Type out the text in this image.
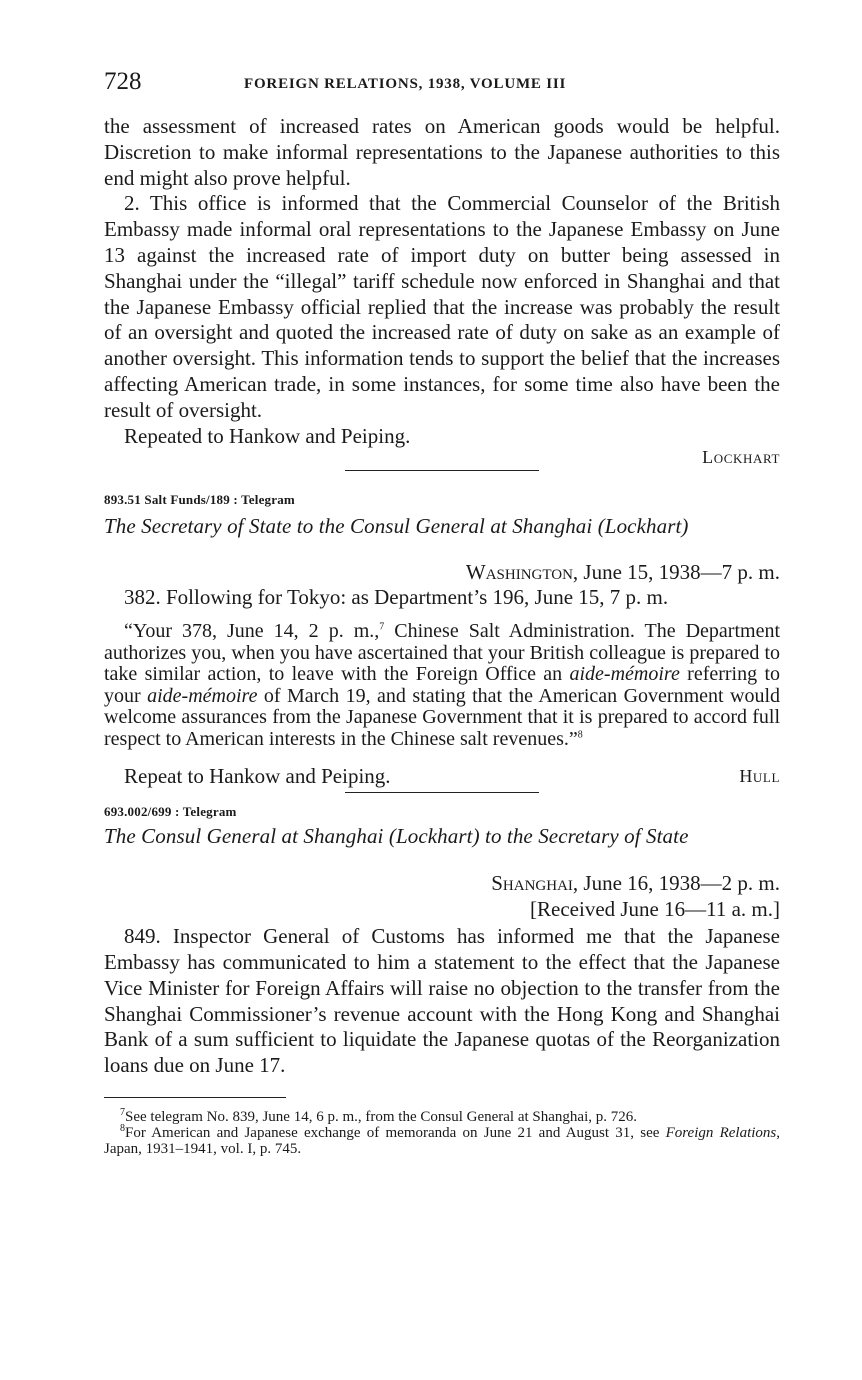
728	FOREIGN RELATIONS, 1938, VOLUME III

the assessment of increased rates on American goods would be helpful. Discretion to make informal representations to the Japanese authorities to this end might also prove helpful.

2. This office is informed that the Commercial Counselor of the British Embassy made informal oral representations to the Japanese Embassy on June 13 against the increased rate of import duty on butter being assessed in Shanghai under the “illegal” tariff schedule now enforced in Shanghai and that the Japanese Embassy official replied that the increase was probably the result of an oversight and quoted the increased rate of duty on sake as an example of another oversight. This information tends to support the belief that the increases affecting American trade, in some instances, for some time also have been the result of oversight.

Repeated to Hankow and Peiping.

Lockhart
893.51 Salt Funds/189 : Telegram
The Secretary of State to the Consul General at Shanghai (Lockhart)
Washington, June 15, 1938—7 p. m.

382. Following for Tokyo: as Department’s 196, June 15, 7 p. m.

“Your 378, June 14, 2 p. m.,$^7$ Chinese Salt Administration. The Department authorizes you, when you have ascertained that your British colleague is prepared to take similar action, to leave with the Foreign Office an aide-mémoire referring to your aide-mémoire of March 19, and stating that the American Government would welcome assurances from the Japanese Government that it is prepared to accord full respect to American interests in the Chinese salt revenues.”$^8$

Repeat to Hankow and Peiping.	Hull
693.002/699 : Telegram
The Consul General at Shanghai (Lockhart) to the Secretary of State
Shanghai, June 16, 1938—2 p. m.
[Received June 16—11 a. m.]

849. Inspector General of Customs has informed me that the Japanese Embassy has communicated to him a statement to the effect that the Japanese Vice Minister for Foreign Affairs will raise no objection to the transfer from the Shanghai Commissioner’s revenue account with the Hong Kong and Shanghai Bank of a sum sufficient to liquidate the Japanese quotas of the Reorganization loans due on June 17.

$^7$See telegram No. 839, June 14, 6 p. m., from the Consul General at Shanghai, p. 726.

$^8$For American and Japanese exchange of memoranda on June 21 and August 31, see Foreign Relations, Japan, 1931–1941, vol. I, p. 745.
